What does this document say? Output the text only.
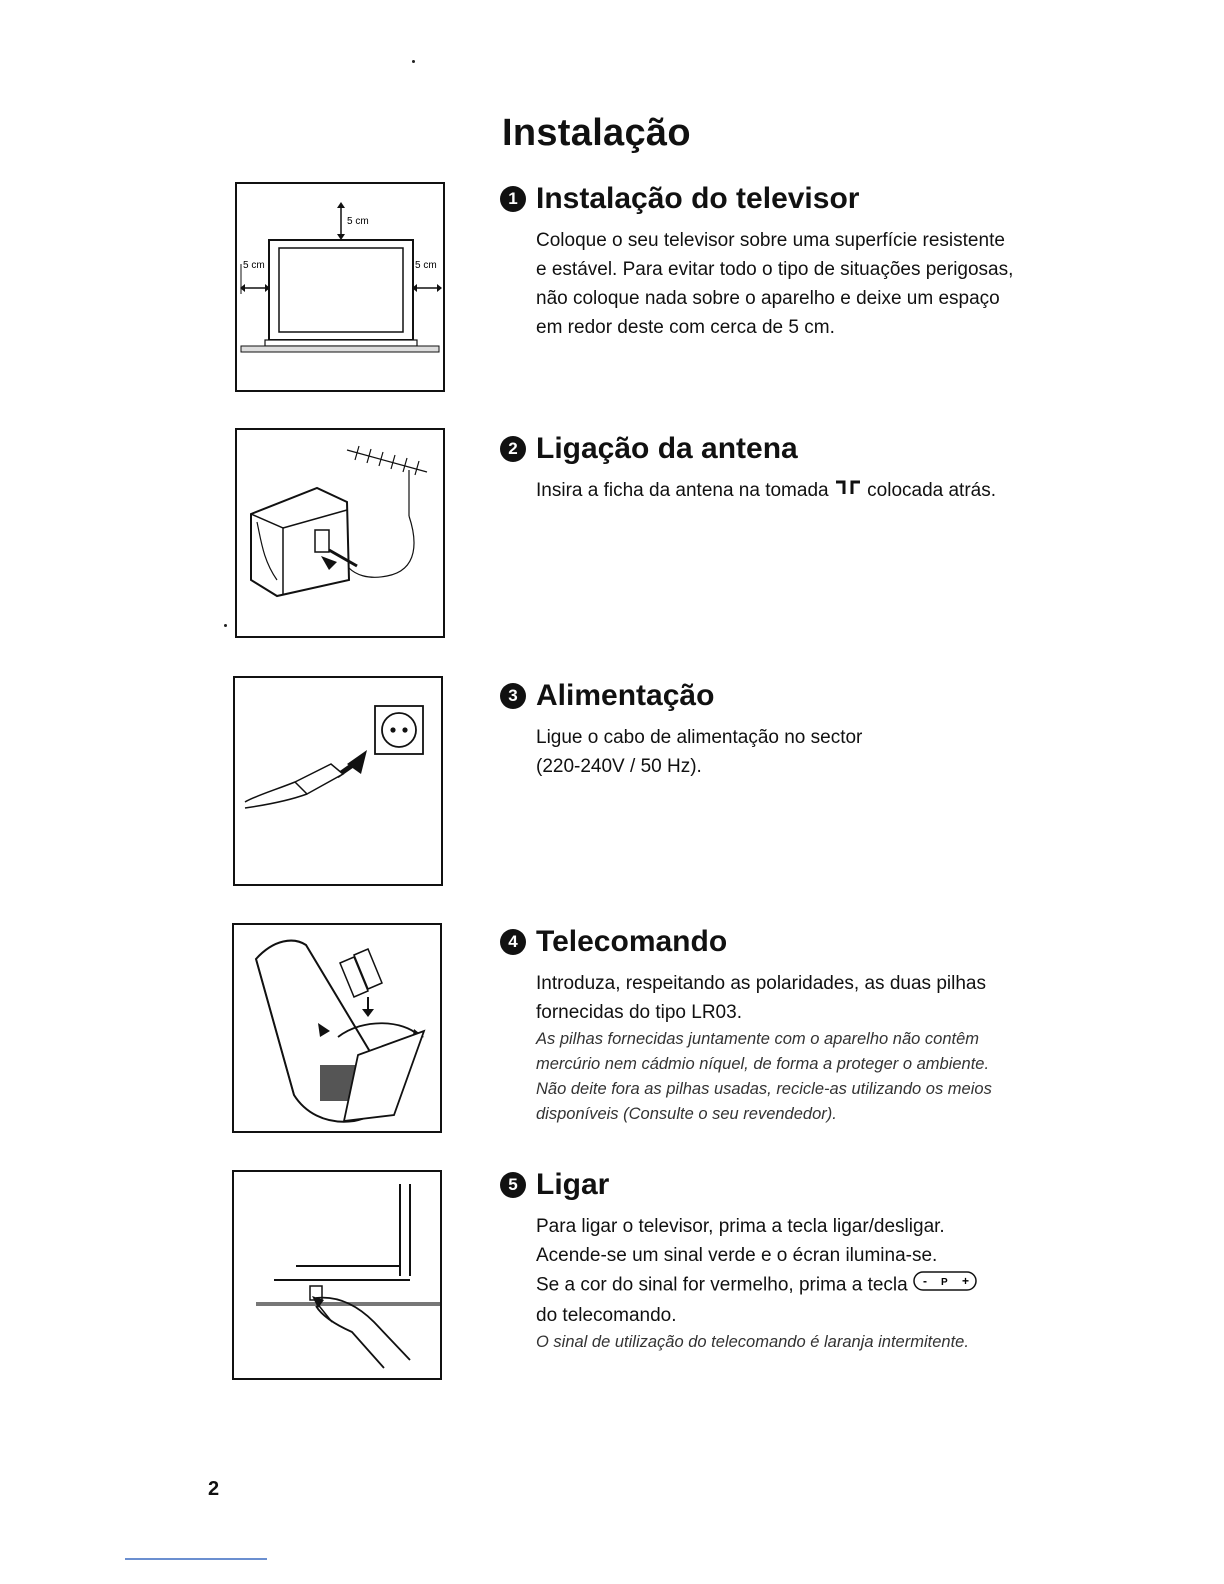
Instalação
5 cm
5 cm	5 cm
1 Instalação do televisor

Coloque o seu televisor sobre uma superfície resistente

e estável. Para evitar todo o tipo de situações perigosas,

não coloque nada sobre o aparelho e deixe um espaço

em redor deste com cerca de 5 cm.

2 Ligação da antena

Insira a ficha da antena na tomada colocada atrás.

3 Alimentação

Ligue o cabo de alimentação no sector

(220-240V / 50 Hz).

4 Telecomando

Introduza, respeitando as polaridades, as duas pilhas

fornecidas do tipo LR03.

As pilhas fornecidas juntamente com o aparelho não contêm

mercúrio nem cádmio níquel, de forma a proteger o ambiente.

Não deite fora as pilhas usadas, recicle-as utilizando os meios

disponíveis (Consulte o seu revendedor).

5 Ligar

Para ligar o televisor, prima a tecla ligar/desligar.

Acende-se um sinal verde e o écran ilumina-se.

Se a cor do sinal for vermelho, prima a tecla - P +

do telecomando.

O sinal de utilização do telecomando é laranja intermitente.

2
